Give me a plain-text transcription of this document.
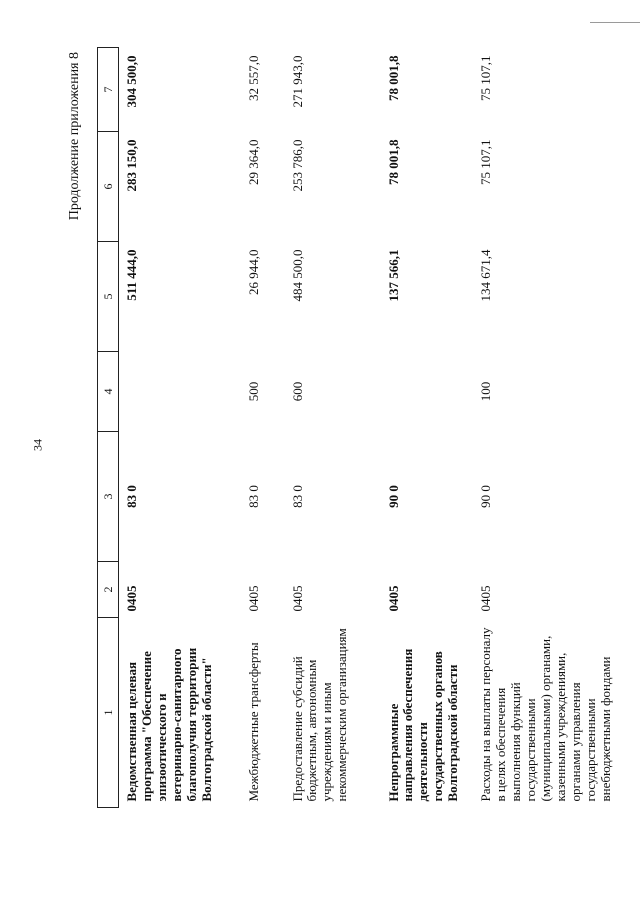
34
Продолжение приложения 8
1	2	3	4	5	6	7
Ведомственная целевая программа "Обеспечение эпизоотического и ветеринарно-санитарного благополучия территории Волгоградской области"	0405	83 0		511 444,0	283 150,0	304 500,0
Межбюджетные трансферты	0405	83 0	500	26 944,0	29 364,0	32 557,0
Предоставление субсидий бюджетным, автономным учреждениям и иным некоммерческим организациям	0405	83 0	600	484 500,0	253 786,0	271 943,0
Непрограммные направления обеспечения деятельности государственных органов Волгоградской области	0405	90 0		137 566,1	78 001,8	78 001,8
Расходы на выплаты персоналу в целях обеспечения выполнения функций государственными (муниципальными) органами, казенными учреждениями, органами управления государственными внебюджетными фондами	0405	90 0	100	134 671,4	75 107,1	75 107,1
